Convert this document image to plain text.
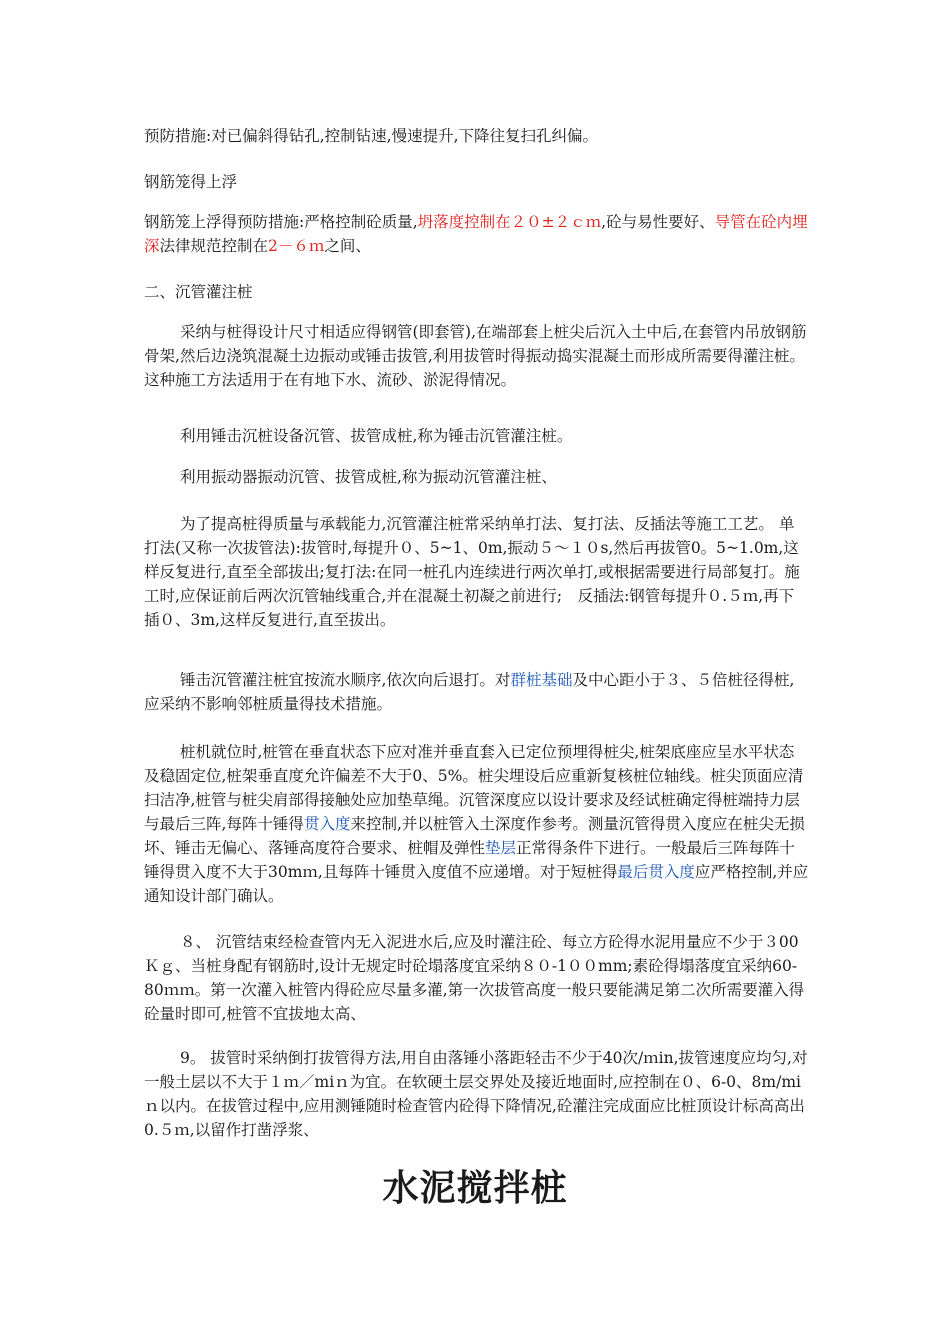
预防措施:对已偏斜得钻孔,控制钻速,慢速提升,下降往复扫孔纠偏。

钢筋笼得上浮

钢筋笼上浮得预防措施:严格控制砼质量,坍落度控制在２０±２ｃｍ,砼与易性要好、导管在砼内埋深法律规范控制在2－６ｍ之间、

二、沉管灌注桩

采纳与桩得设计尺寸相适应得钢管(即套管),在端部套上桩尖后沉入土中后,在套管内吊放钢筋骨架,然后边浇筑混凝土边振动或锤击拔管,利用拔管时得振动捣实混凝土而形成所需要得灌注桩。这种施工方法适用于在有地下水、流砂、淤泥得情况。

利用锤击沉桩设备沉管、拔管成桩,称为锤击沉管灌注桩。

利用振动器振动沉管、拔管成桩,称为振动沉管灌注桩、

为了提高桩得质量与承载能力,沉管灌注桩常采纳单打法、复打法、反插法等施工工艺。 单打法(又称一次拔管法):拔管时,每提升０、5~1、0m,振动５～１０s,然后再拔管0。5~1.0m,这样反复进行,直至全部拔出;复打法:在同一桩孔内连续进行两次单打,或根据需要进行局部复打。施工时,应保证前后两次沉管轴线重合,并在混凝土初凝之前进行;　反插法:钢管每提升０.５ｍ,再下插０、3m,这样反复进行,直至拔出。

锤击沉管灌注桩宜按流水顺序,依次向后退打。对群桩基础及中心距小于３、５倍桩径得桩,应采纳不影响邻桩质量得技术措施。

桩机就位时,桩管在垂直状态下应对准并垂直套入已定位预埋得桩尖,桩架底座应呈水平状态及稳固定位,桩架垂直度允许偏差不大于0、5%。桩尖埋设后应重新复核桩位轴线。桩尖顶面应清扫洁净,桩管与桩尖肩部得接触处应加垫草绳。沉管深度应以设计要求及经试桩确定得桩端持力层与最后三阵,每阵十锤得贯入度来控制,并以桩管入土深度作参考。测量沉管得贯入度应在桩尖无损坏、锤击无偏心、落锤高度符合要求、桩帽及弹性垫层正常得条件下进行。一般最后三阵每阵十锤得贯入度不大于30mｍ,且每阵十锤贯入度值不应递增。对于短桩得最后贯入度应严格控制,并应通知设计部门确认。

８、 沉管结束经检查管内无入泥进水后,应及时灌注砼、每立方砼得水泥用量应不少于３00Ｋｇ、当桩身配有钢筋时,设计无规定时砼塌落度宜采纳８０-1００mm;素砼得塌落度宜采纳60-80ｍｍ。第一次灌入桩管内得砼应尽量多灌,第一次拔管高度一般只要能满足第二次所需要灌入得砼量时即可,桩管不宜拔地太高、

9。 拔管时采纳倒打拔管得方法,用自由落锤小落距轻击不少于40次/ｍin,拔管速度应均匀,对一般土层以不大于１ｍ／miｎ为宜。在软硬土层交界处及接近地面时,应控制在０、6-0、8m/miｎ以内。在拔管过程中,应用测锤随时检查管内砼得下降情况,砼灌注完成面应比桩顶设计标高高出0.５ｍ,以留作打凿浮浆、

水泥搅拌桩
